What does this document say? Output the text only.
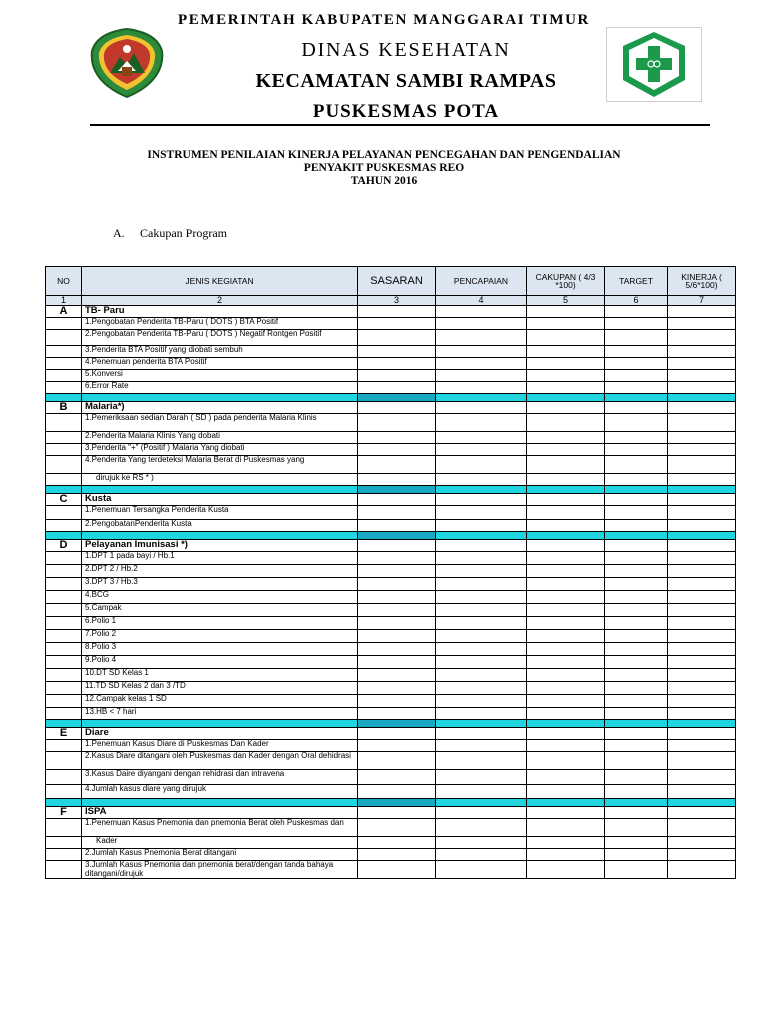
PEMERINTAH KABUPATEN MANGGARAI TIMUR
DINAS KESEHATAN
KECAMATAN SAMBI RAMPAS
PUSKESMAS POTA
INSTRUMEN PENILAIAN KINERJA PELAYANAN PENCEGAHAN DAN PENGENDALIAN
PENYAKIT PUSKESMAS REO
TAHUN 2016
A. Cakupan Program
NO	JENIS KEGIATAN	SASARAN	PENCAPAIAN	CAKUPAN ( 4/3 *100)	TARGET	KINERJA ( 5/6*100)
1	2	3	4	5	6	7
A	TB- Paru					
	1.Pengobatan Penderita TB-Paru ( DOTS ) BTA Positif					
	2.Pengobatan Penderita TB-Paru ( DOTS ) Negatif Rontgen Positif					
	3.Penderita BTA Positif yang diobati sembuh					
	4.Penemuan penderita BTA Positif					
	5.Konversi					
	6.Error Rate					

B	Malaria*)					
	1.Pemeriksaan sedian Darah ( SD ) pada penderita Malaria Klinis					
	2.Penderita Malaria Klinis Yang dobati					
	3.Penderita "+" (Positif ) Malaria Yang diobati					
	4.Penderita Yang terdeteksi Malaria Berat di Puskesmas yang					
	dirujuk ke RS * )					

C	Kusta					
	1.Penemuan Tersangka Penderita Kusta					
	2.PengobatanPenderita Kusta					

D	Pelayanan Imunisasi *)					
	1.DPT 1 pada bayi / Hb.1					
	2.DPT 2 / Hb.2					
	3.DPT 3 / Hb.3					
	4.BCG					
	5.Campak					
	6.Polio 1					
	7.Polio 2					
	8.Polio 3					
	9.Polio 4					
	10.DT SD Kelas 1					
	11.TD SD Kelas 2 dan 3 /TD					
	12.Campak kelas 1 SD					
	13.HB < 7 hari					

E	Diare					
	1.Penemuan Kasus Diare di Puskesmas Dan Kader					
	2.Kasus Diare ditangani oleh Puskesmas dan Kader dengan Oral dehidrasi					
	3.Kasus Daire diyangani dengan rehidrasi dan intravena					
	4.Jumlah kasus diare yang dirujuk					

F	ISPA					
	1.Penemuan Kasus Pnemonia dan pnemonia Berat oleh Puskesmas dan					
	Kader					
	2.Jumlah Kasus Pnemonia Berat ditangani					
	3.Jumlah Kasus Pnemonia dan pnemonia berat/dengan tanda bahaya ditangani/dirujuk					
